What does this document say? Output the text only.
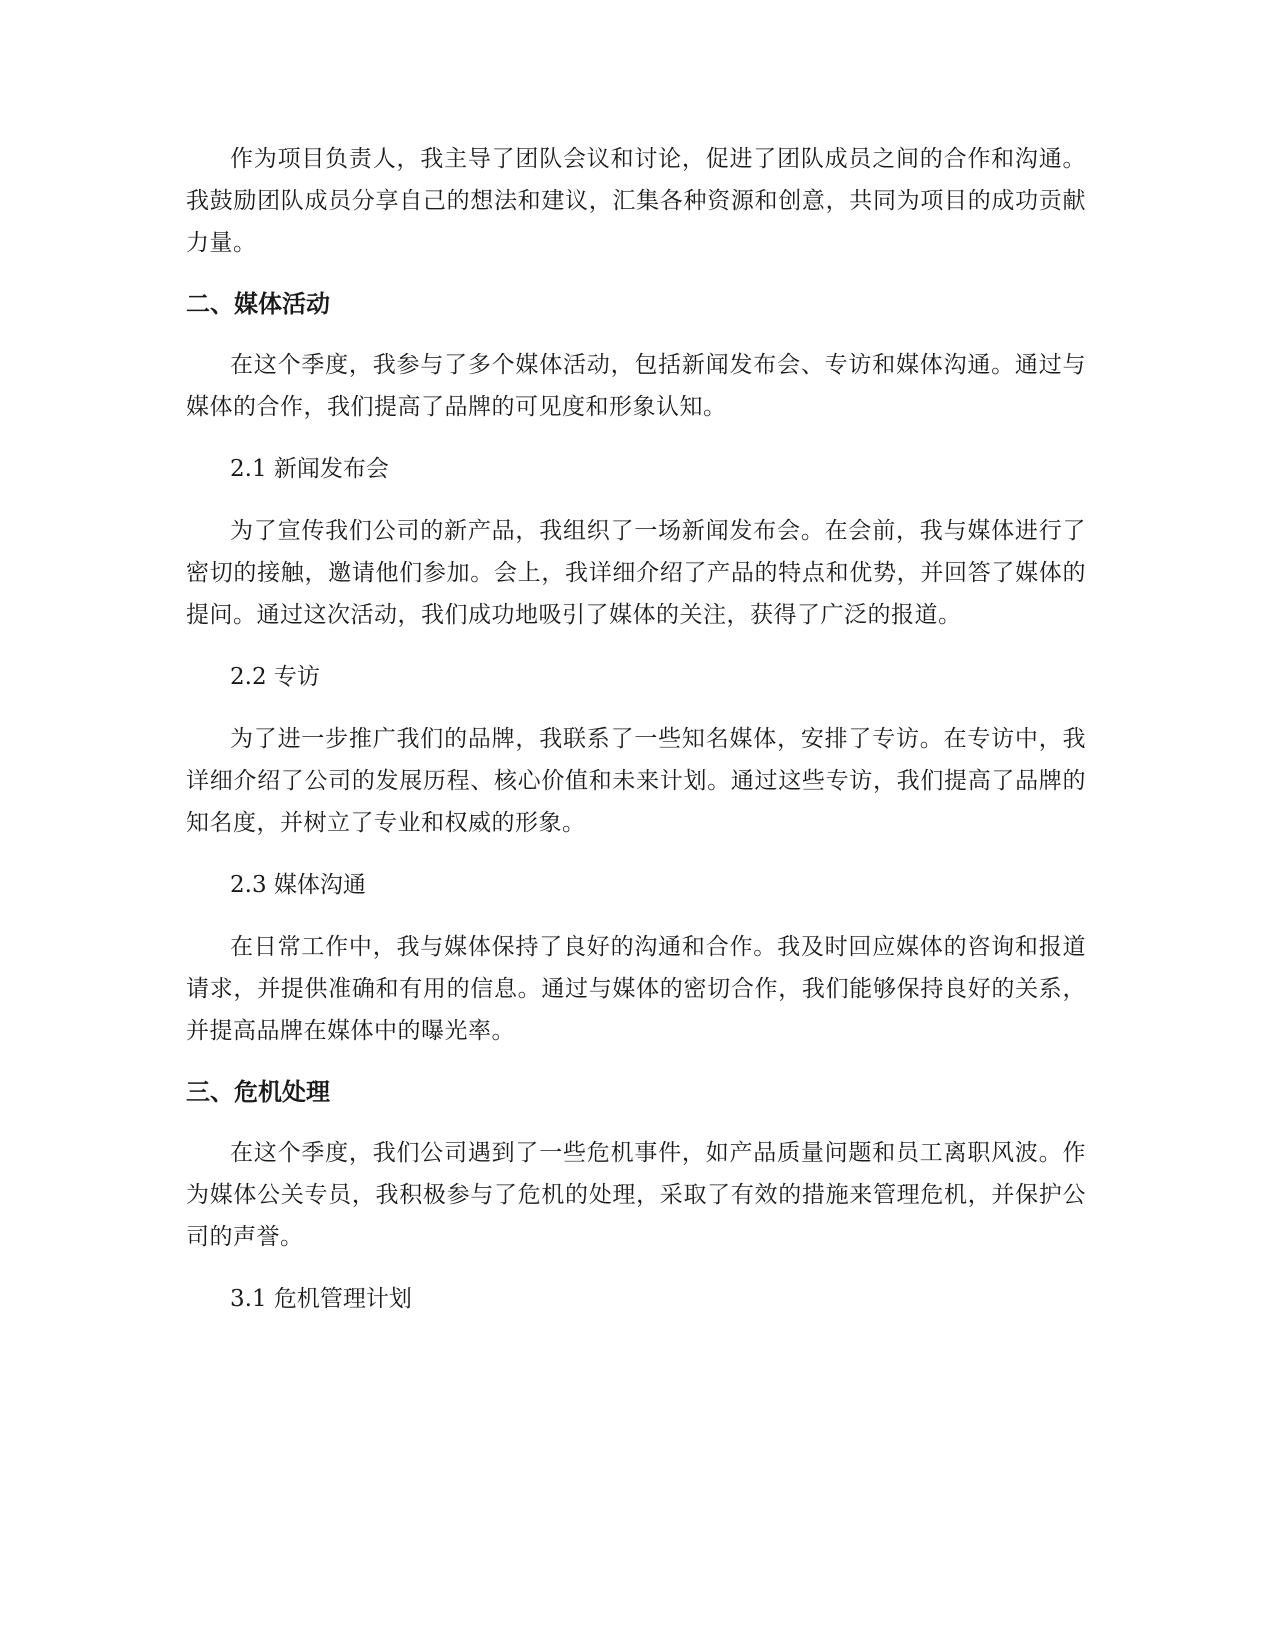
作为项目负责人，我主导了团队会议和讨论，促进了团队成员之间的合作和沟通。我鼓励团队成员分享自己的想法和建议，汇集各种资源和创意，共同为项目的成功贡献力量。

二、媒体活动

在这个季度，我参与了多个媒体活动，包括新闻发布会、专访和媒体沟通。通过与媒体的合作，我们提高了品牌的可见度和形象认知。

2.1 新闻发布会

为了宣传我们公司的新产品，我组织了一场新闻发布会。在会前，我与媒体进行了密切的接触，邀请他们参加。会上，我详细介绍了产品的特点和优势，并回答了媒体的提问。通过这次活动，我们成功地吸引了媒体的关注，获得了广泛的报道。

2.2 专访

为了进一步推广我们的品牌，我联系了一些知名媒体，安排了专访。在专访中，我详细介绍了公司的发展历程、核心价值和未来计划。通过这些专访，我们提高了品牌的知名度，并树立了专业和权威的形象。

2.3 媒体沟通

在日常工作中，我与媒体保持了良好的沟通和合作。我及时回应媒体的咨询和报道请求，并提供准确和有用的信息。通过与媒体的密切合作，我们能够保持良好的关系，并提高品牌在媒体中的曝光率。

三、危机处理

在这个季度，我们公司遇到了一些危机事件，如产品质量问题和员工离职风波。作为媒体公关专员，我积极参与了危机的处理，采取了有效的措施来管理危机，并保护公司的声誉。

3.1 危机管理计划
